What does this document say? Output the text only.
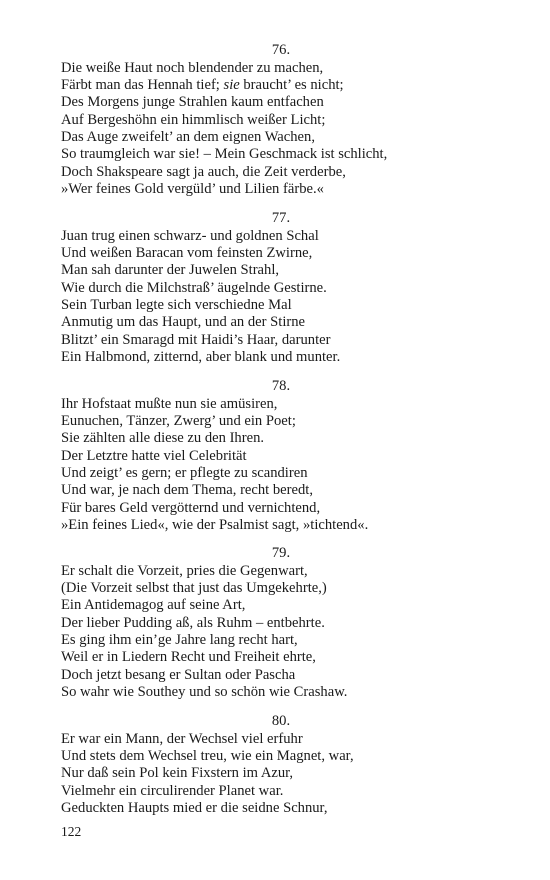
76.
Die weiße Haut noch blendender zu machen,
Färbt man das Hennah tief; sie braucht’ es nicht;
Des Morgens junge Strahlen kaum entfachen
Auf Bergeshöhn ein himmlisch weißer Licht;
Das Auge zweifelt’ an dem eignen Wachen,
So traumgleich war sie! – Mein Geschmack ist schlicht,
Doch Shakspeare sagt ja auch, die Zeit verderbe,
»Wer feines Gold vergüld’ und Lilien färbe.«
77.
Juan trug einen schwarz- und goldnen Schal
Und weißen Baracan vom feinsten Zwirne,
Man sah darunter der Juwelen Strahl,
Wie durch die Milchstraß’ äugelnde Gestirne.
Sein Turban legte sich verschiedne Mal
Anmutig um das Haupt, und an der Stirne
Blitzt’ ein Smaragd mit Haidi’s Haar, darunter
Ein Halbmond, zitternd, aber blank und munter.
78.
Ihr Hofstaat mußte nun sie amüsiren,
Eunuchen, Tänzer, Zwerg’ und ein Poet;
Sie zählten alle diese zu den Ihren.
Der Letztre hatte viel Celebrität
Und zeigt’ es gern; er pflegte zu scandiren
Und war, je nach dem Thema, recht beredt,
Für bares Geld vergötternd und vernichtend,
»Ein feines Lied«, wie der Psalmist sagt, »tichtend«.
79.
Er schalt die Vorzeit, pries die Gegenwart,
(Die Vorzeit selbst that just das Umgekehrte,)
Ein Antidemagog auf seine Art,
Der lieber Pudding aß, als Ruhm – entbehrte.
Es ging ihm ein’ge Jahre lang recht hart,
Weil er in Liedern Recht und Freiheit ehrte,
Doch jetzt besang er Sultan oder Pascha
So wahr wie Southey und so schön wie Crashaw.
80.
Er war ein Mann, der Wechsel viel erfuhr
Und stets dem Wechsel treu, wie ein Magnet, war,
Nur daß sein Pol kein Fixstern im Azur,
Vielmehr ein circulirender Planet war.
Geduckten Haupts mied er die seidne Schnur,
122
